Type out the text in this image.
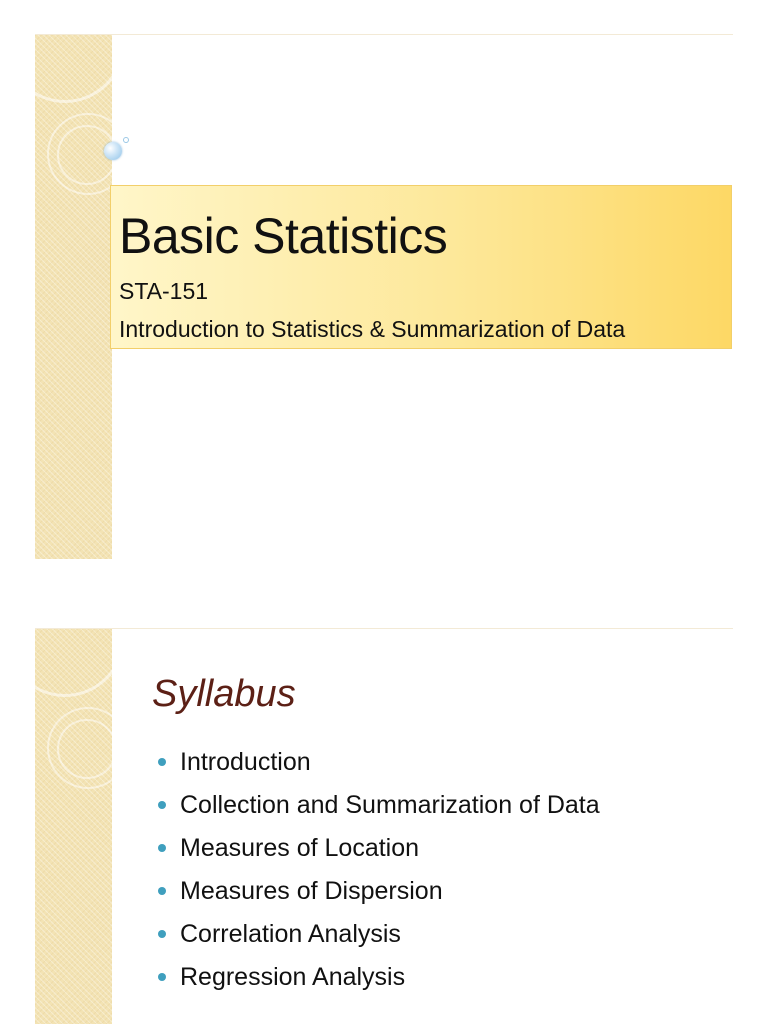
Basic Statistics
STA-151
Introduction to Statistics & Summarization of Data
Syllabus
Introduction
Collection and Summarization of Data
Measures of Location
Measures of Dispersion
Correlation Analysis
Regression Analysis
